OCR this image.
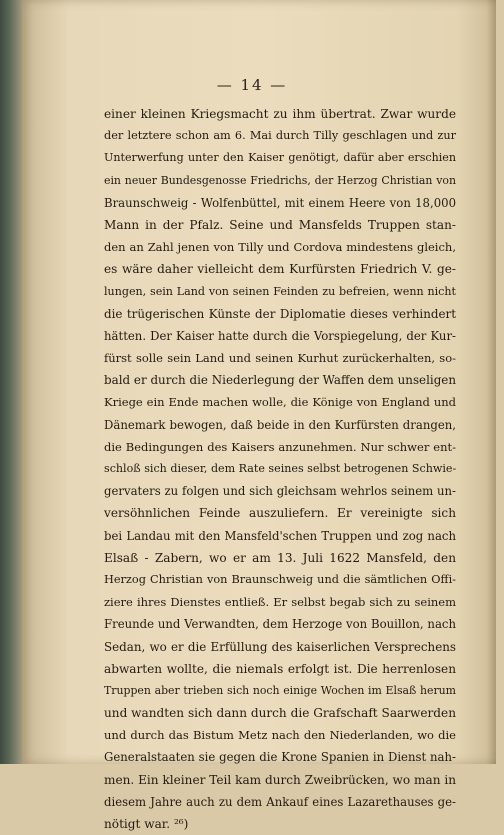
— 14 —
einer kleinen Kriegsmacht zu ihm übertrat. Zwar wurde
der letztere schon am 6. Mai durch Tilly geschlagen und zur
Unterwerfung unter den Kaiser genötigt, dafür aber erschien
ein neuer Bundesgenosse Friedrichs, der Herzog Christian von
Braunschweig - Wolfenbüttel, mit einem Heere von 18,000
Mann in der Pfalz. Seine und Mansfelds Truppen stan-
den an Zahl jenen von Tilly und Cordova mindestens gleich,
es wäre daher vielleicht dem Kurfürsten Friedrich V. ge-
lungen, sein Land von seinen Feinden zu befreien, wenn nicht
die trügerischen Künste der Diplomatie dieses verhindert
hätten. Der Kaiser hatte durch die Vorspiegelung, der Kur-
fürst solle sein Land und seinen Kurhut zurückerhalten, so-
bald er durch die Niederlegung der Waffen dem unseligen
Kriege ein Ende machen wolle, die Könige von England und
Dänemark bewogen, daß beide in den Kurfürsten drangen,
die Bedingungen des Kaisers anzunehmen. Nur schwer ent-
schloß sich dieser, dem Rate seines selbst betrogenen Schwie-
gervaters zu folgen und sich gleichsam wehrlos seinem un-
versöhnlichen Feinde auszuliefern. Er vereinigte sich
bei Landau mit den Mansfeld'schen Truppen und zog nach
Elsaß - Zabern, wo er am 13. Juli 1622 Mansfeld, den
Herzog Christian von Braunschweig und die sämtlichen Offi-
ziere ihres Dienstes entließ. Er selbst begab sich zu seinem
Freunde und Verwandten, dem Herzoge von Bouillon, nach
Sedan, wo er die Erfüllung des kaiserlichen Versprechens
abwarten wollte, die niemals erfolgt ist. Die herrenlosen
Truppen aber trieben sich noch einige Wochen im Elsaß herum
und wandten sich dann durch die Grafschaft Saarwerden
und durch das Bistum Metz nach den Niederlanden, wo die
Generalstaaten sie gegen die Krone Spanien in Dienst nah-
men. Ein kleiner Teil kam durch Zweibrücken, wo man in
diesem Jahre auch zu dem Ankauf eines Lazarethauses ge-
nötigt war. ²⁶)
